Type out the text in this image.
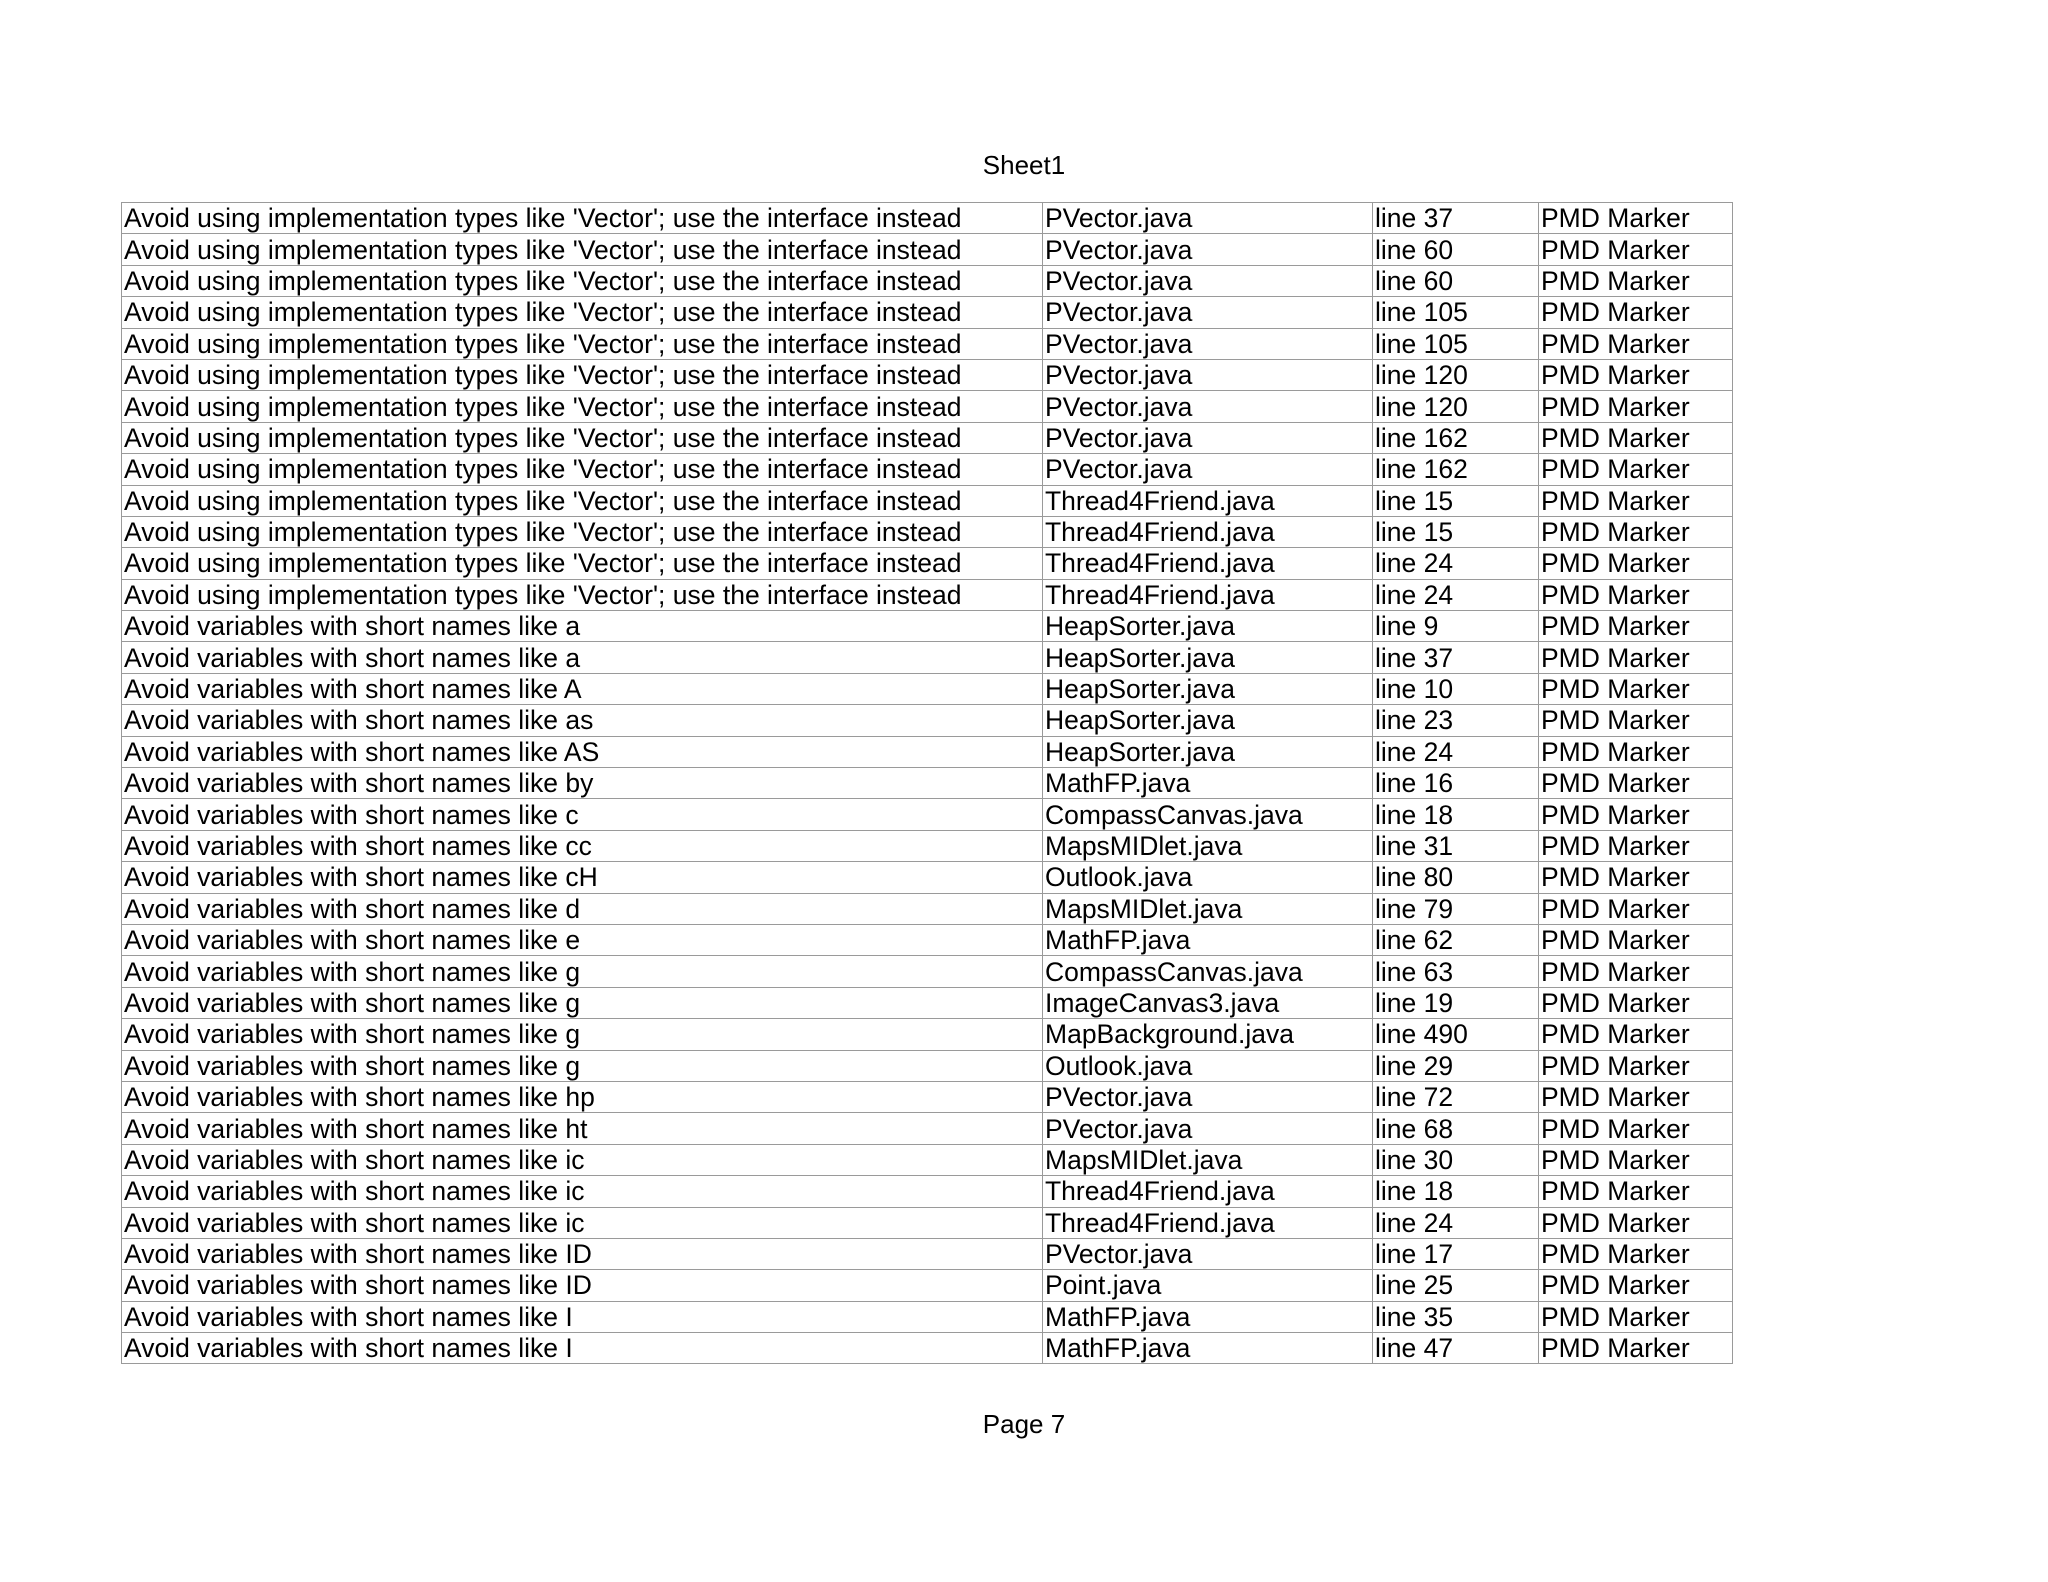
Sheet1
Avoid using implementation types like 'Vector'; use the interface instead	PVector.java	line 37	PMD Marker
Avoid using implementation types like 'Vector'; use the interface instead	PVector.java	line 60	PMD Marker
Avoid using implementation types like 'Vector'; use the interface instead	PVector.java	line 60	PMD Marker
Avoid using implementation types like 'Vector'; use the interface instead	PVector.java	line 105	PMD Marker
Avoid using implementation types like 'Vector'; use the interface instead	PVector.java	line 105	PMD Marker
Avoid using implementation types like 'Vector'; use the interface instead	PVector.java	line 120	PMD Marker
Avoid using implementation types like 'Vector'; use the interface instead	PVector.java	line 120	PMD Marker
Avoid using implementation types like 'Vector'; use the interface instead	PVector.java	line 162	PMD Marker
Avoid using implementation types like 'Vector'; use the interface instead	PVector.java	line 162	PMD Marker
Avoid using implementation types like 'Vector'; use the interface instead	Thread4Friend.java	line 15	PMD Marker
Avoid using implementation types like 'Vector'; use the interface instead	Thread4Friend.java	line 15	PMD Marker
Avoid using implementation types like 'Vector'; use the interface instead	Thread4Friend.java	line 24	PMD Marker
Avoid using implementation types like 'Vector'; use the interface instead	Thread4Friend.java	line 24	PMD Marker
Avoid variables with short names like a	HeapSorter.java	line 9	PMD Marker
Avoid variables with short names like a	HeapSorter.java	line 37	PMD Marker
Avoid variables with short names like A	HeapSorter.java	line 10	PMD Marker
Avoid variables with short names like as	HeapSorter.java	line 23	PMD Marker
Avoid variables with short names like AS	HeapSorter.java	line 24	PMD Marker
Avoid variables with short names like by	MathFP.java	line 16	PMD Marker
Avoid variables with short names like c	CompassCanvas.java	line 18	PMD Marker
Avoid variables with short names like cc	MapsMIDlet.java	line 31	PMD Marker
Avoid variables with short names like cH	Outlook.java	line 80	PMD Marker
Avoid variables with short names like d	MapsMIDlet.java	line 79	PMD Marker
Avoid variables with short names like e	MathFP.java	line 62	PMD Marker
Avoid variables with short names like g	CompassCanvas.java	line 63	PMD Marker
Avoid variables with short names like g	ImageCanvas3.java	line 19	PMD Marker
Avoid variables with short names like g	MapBackground.java	line 490	PMD Marker
Avoid variables with short names like g	Outlook.java	line 29	PMD Marker
Avoid variables with short names like hp	PVector.java	line 72	PMD Marker
Avoid variables with short names like ht	PVector.java	line 68	PMD Marker
Avoid variables with short names like ic	MapsMIDlet.java	line 30	PMD Marker
Avoid variables with short names like ic	Thread4Friend.java	line 18	PMD Marker
Avoid variables with short names like ic	Thread4Friend.java	line 24	PMD Marker
Avoid variables with short names like ID	PVector.java	line 17	PMD Marker
Avoid variables with short names like ID	Point.java	line 25	PMD Marker
Avoid variables with short names like I	MathFP.java	line 35	PMD Marker
Avoid variables with short names like I	MathFP.java	line 47	PMD Marker
Page 7
